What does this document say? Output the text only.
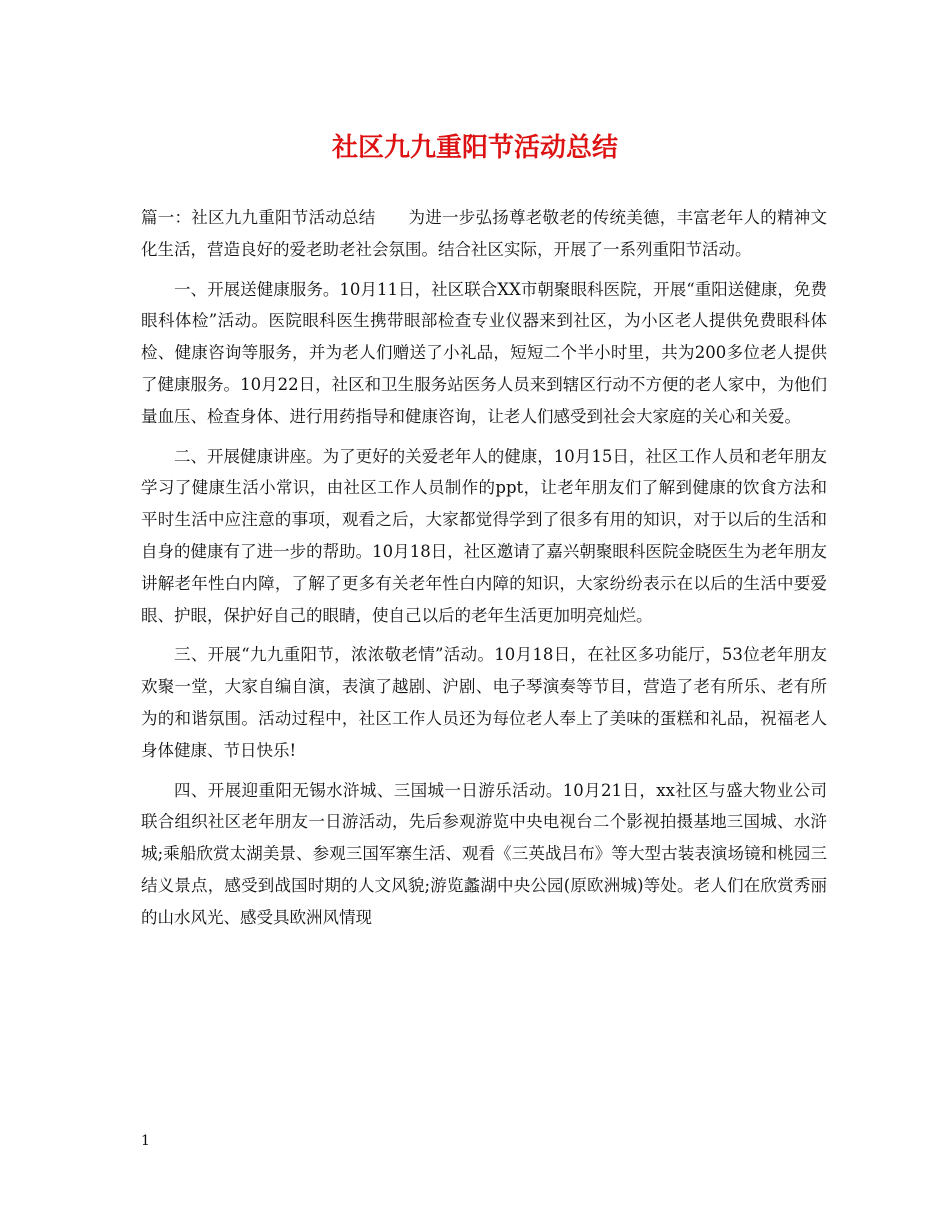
社区九九重阳节活动总结

篇一：社区九九重阳节活动总结 为进一步弘扬尊老敬老的传统美德，丰富老年人的精神文化生活，营造良好的爱老助老社会氛围。结合社区实际，开展了一系列重阳节活动。

一、开展送健康服务。10月11日，社区联合XX市朝聚眼科医院，开展“重阳送健康，免费眼科体检”活动。医院眼科医生携带眼部检查专业仪器来到社区，为小区老人提供免费眼科体检、健康咨询等服务，并为老人们赠送了小礼品，短短二个半小时里，共为200多位老人提供了健康服务。10月22日，社区和卫生服务站医务人员来到辖区行动不方便的老人家中，为他们量血压、检查身体、进行用药指导和健康咨询，让老人们感受到社会大家庭的关心和关爱。

二、开展健康讲座。为了更好的关爱老年人的健康，10月15日，社区工作人员和老年朋友学习了健康生活小常识，由社区工作人员制作的ppt，让老年朋友们了解到健康的饮食方法和平时生活中应注意的事项，观看之后，大家都觉得学到了很多有用的知识，对于以后的生活和自身的健康有了进一步的帮助。10月18日，社区邀请了嘉兴朝聚眼科医院金晓医生为老年朋友讲解老年性白内障，了解了更多有关老年性白内障的知识，大家纷纷表示在以后的生活中要爱眼、护眼，保护好自己的眼睛，使自己以后的老年生活更加明亮灿烂。

三、开展“九九重阳节，浓浓敬老情”活动。10月18日，在社区多功能厅，53位老年朋友欢聚一堂，大家自编自演，表演了越剧、沪剧、电子琴演奏等节目，营造了老有所乐、老有所为的和谐氛围。活动过程中，社区工作人员还为每位老人奉上了美味的蛋糕和礼品，祝福老人身体健康、节日快乐!

四、开展迎重阳无锡水浒城、三国城一日游乐活动。10月21日，xx社区与盛大物业公司联合组织社区老年朋友一日游活动，先后参观游览中央电视台二个影视拍摄基地三国城、水浒城;乘船欣赏太湖美景、参观三国军寨生活、观看《三英战吕布》等大型古装表演场镜和桃园三结义景点，感受到战国时期的人文风貌;游览蠡湖中央公园(原欧洲城)等处。老人们在欣赏秀丽的山水风光、感受具欧洲风情现

1
